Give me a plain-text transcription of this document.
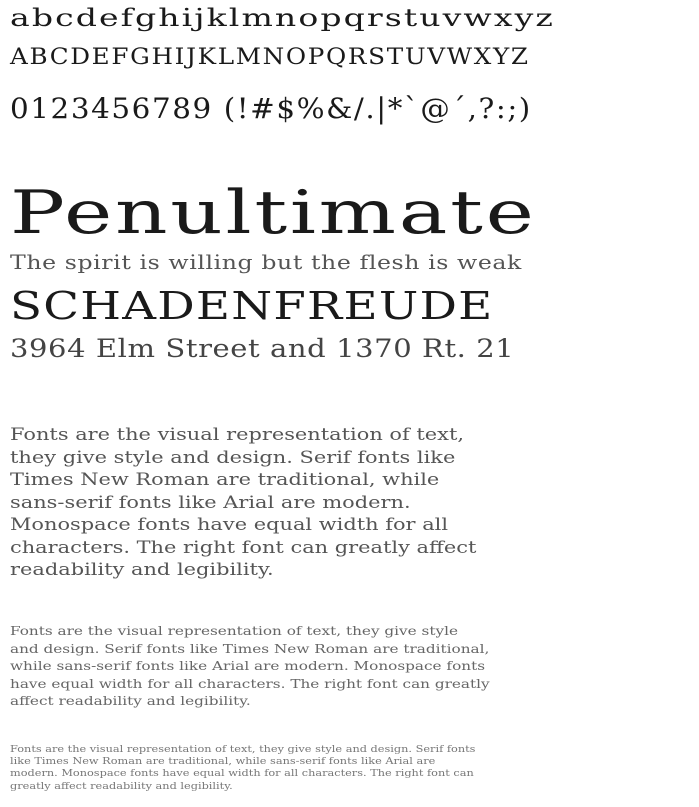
abcdefghijklmnopqrstuvwxyz

ABCDEFGHIJKLMNOPQRSTUVWXYZ

0123456789 (!#$%&/.|*`@´,?:;)

Penultimate

The spirit is willing but the flesh is weak

SCHADENFREUDE

3964 Elm Street and 1370 Rt. 21

Fonts are the visual representation of text,
they give style and design. Serif fonts like
Times New Roman are traditional, while
sans-serif fonts like Arial are modern.
Monospace fonts have equal width for all
characters. The right font can greatly affect
readability and legibility.
Fonts are the visual representation of text, they give style
and design. Serif fonts like Times New Roman are traditional,
while sans-serif fonts like Arial are modern. Monospace fonts
have equal width for all characters. The right font can greatly
affect readability and legibility.
Fonts are the visual representation of text, they give style and design. Serif fonts
like Times New Roman are traditional, while sans-serif fonts like Arial are
modern. Monospace fonts have equal width for all characters. The right font can
greatly affect readability and legibility.
